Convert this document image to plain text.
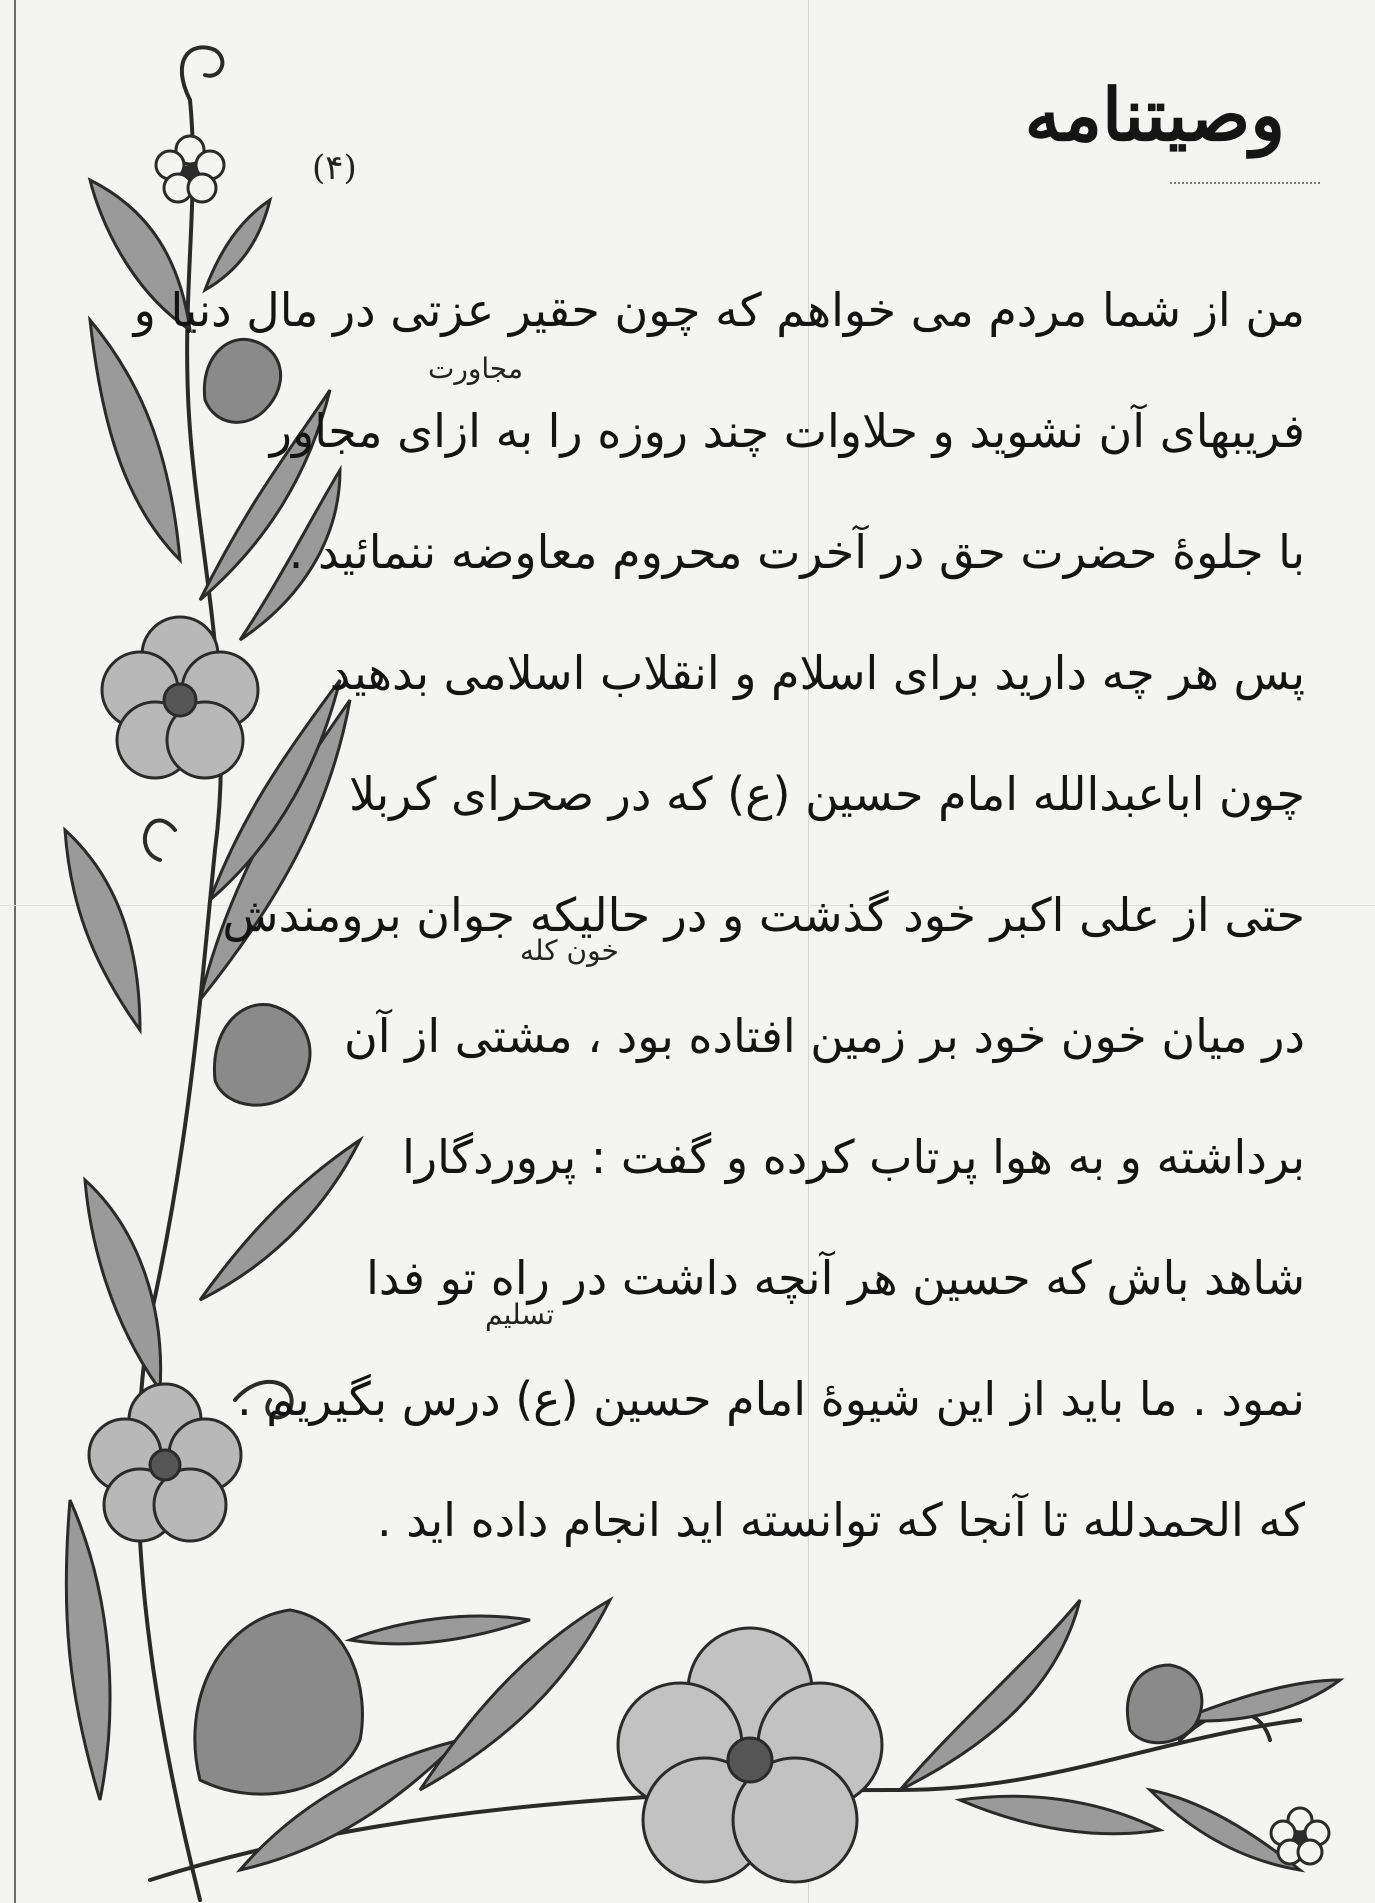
وصیتنامه
(۴)
من از شما مردم می خواهم که چون حقیر عزتی در مال دنیا و
فریبهای آن نشوید و حلاوات چند روزه را به ازای مجاور
با جلوهٔ حضرت حق در آخرت محروم معاوضه ننمائید .
پس هر چه دارید برای اسلام و انقلاب اسلامی بدهید
چون اباعبدالله امام حسین (ع) که در صحرای کربلا
حتی از علی اکبر خود گذشت و در حالیکه جوان برومندش
در میان خون خود بر زمین افتاده بود ، مشتی از آن
برداشته و به هوا پرتاب کرده و گفت : پروردگارا
شاهد باش که حسین هر آنچه داشت در راه تو فدا
نمود . ما باید از این شیوهٔ امام حسین (ع) درس بگیریم .
که الحمدلله تا آنجا که توانسته اید انجام داده اید .
مجاورت
خون کله
تسلیم
